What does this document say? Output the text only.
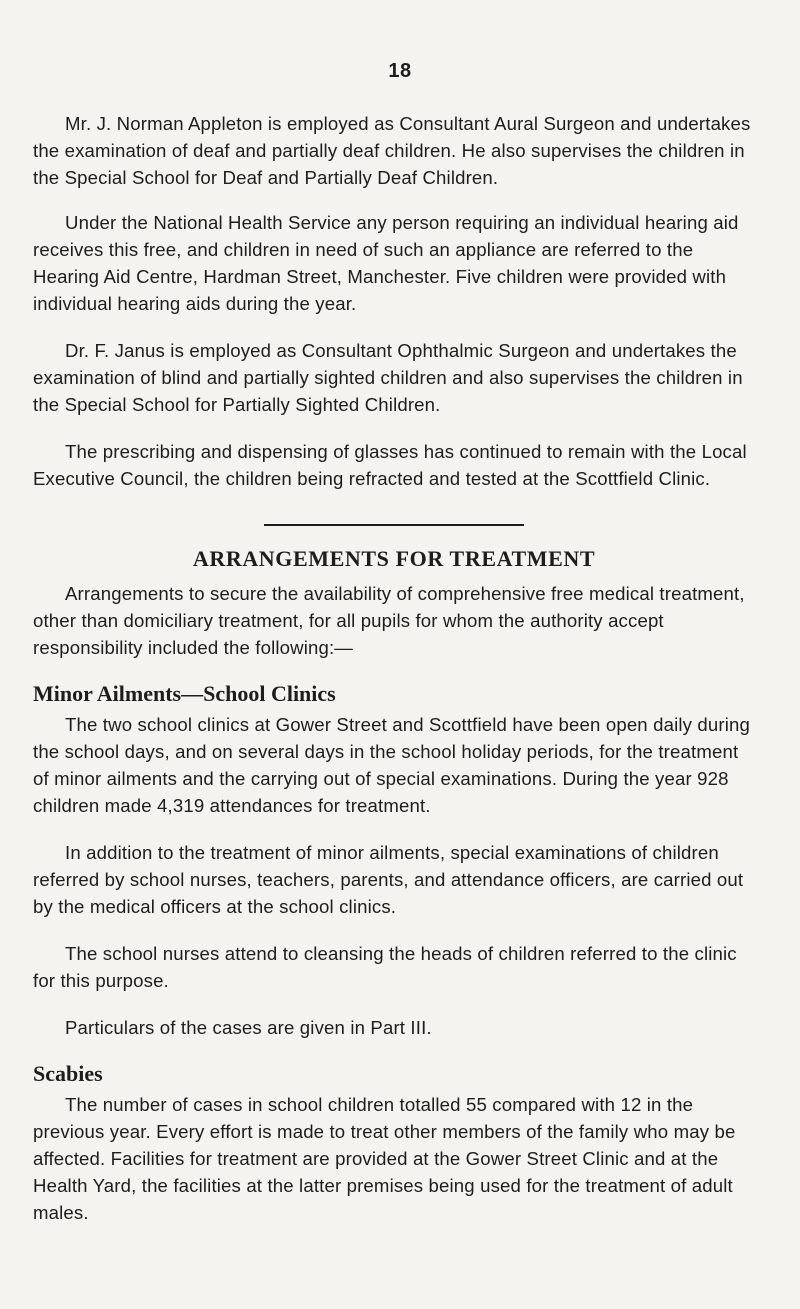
18

Mr. J. Norman Appleton is employed as Consultant Aural Surgeon and undertakes the examination of deaf and partially deaf children. He also supervises the children in the Special School for Deaf and Partially Deaf Children.

Under the National Health Service any person requiring an individual hearing aid receives this free, and children in need of such an appliance are referred to the Hearing Aid Centre, Hardman Street, Manchester. Five children were provided with individual hearing aids during the year.

Dr. F. Janus is employed as Consultant Ophthalmic Surgeon and undertakes the examination of blind and partially sighted children and also supervises the children in the Special School for Partially Sighted Children.

The prescribing and dispensing of glasses has continued to remain with the Local Executive Council, the children being refracted and tested at the Scottfield Clinic.

ARRANGEMENTS FOR TREATMENT

Arrangements to secure the availability of comprehensive free medical treatment, other than domiciliary treatment, for all pupils for whom the authority accept responsibility included the following:—

Minor Ailments—School Clinics

The two school clinics at Gower Street and Scottfield have been open daily during the school days, and on several days in the school holiday periods, for the treatment of minor ailments and the carrying out of special examinations. During the year 928 children made 4,319 attendances for treatment.

In addition to the treatment of minor ailments, special examinations of children referred by school nurses, teachers, parents, and attendance officers, are carried out by the medical officers at the school clinics.

The school nurses attend to cleansing the heads of children referred to the clinic for this purpose.

Particulars of the cases are given in Part III.

Scabies

The number of cases in school children totalled 55 compared with 12 in the previous year. Every effort is made to treat other members of the family who may be affected. Facilities for treatment are provided at the Gower Street Clinic and at the Health Yard, the facilities at the latter premises being used for the treatment of adult males.
